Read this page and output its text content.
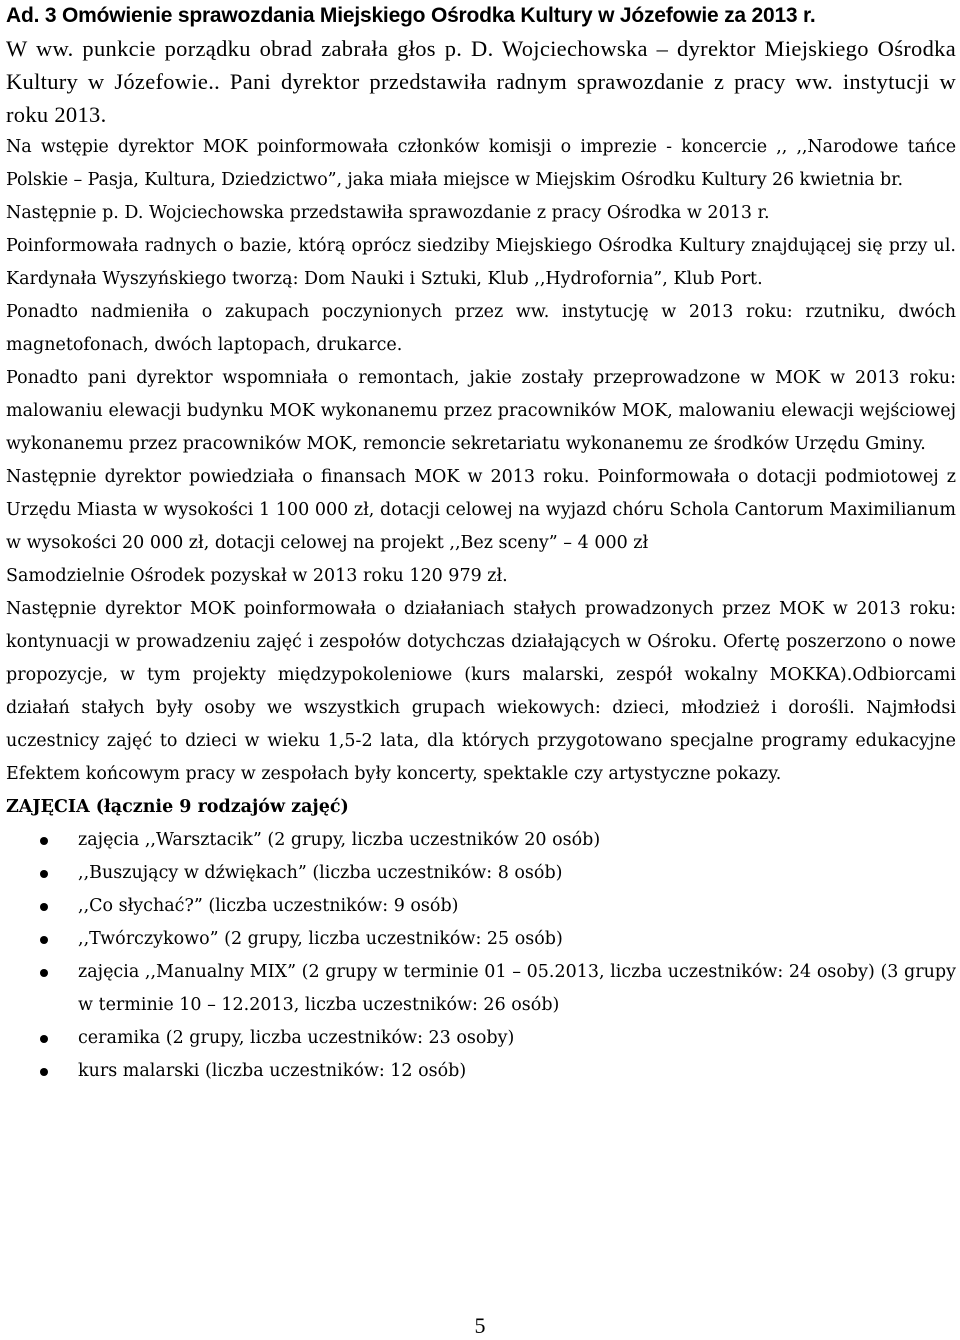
Ad. 3 Omówienie sprawozdania Miejskiego Ośrodka Kultury w Józefowie za 2013 r.

W ww. punkcie porządku obrad zabrała głos p. D. Wojciechowska – dyrektor Miejskiego Ośrodka Kultury w Józefowie.. Pani dyrektor przedstawiła radnym sprawozdanie z pracy ww. instytucji w roku 2013.

Na wstępie dyrektor MOK poinformowała członków komisji o imprezie - koncercie ,, ,,Narodowe tańce Polskie – Pasja, Kultura, Dziedzictwo”, jaka miała miejsce w Miejskim Ośrodku Kultury 26 kwietnia br.

Następnie p. D. Wojciechowska przedstawiła sprawozdanie z pracy Ośrodka w 2013 r.

Poinformowała radnych o bazie, którą oprócz siedziby Miejskiego Ośrodka Kultury znajdującej się przy ul. Kardynała Wyszyńskiego tworzą: Dom Nauki i Sztuki, Klub ,,Hydrofornia”, Klub Port.

Ponadto nadmieniła o zakupach poczynionych przez ww. instytucję w 2013 roku: rzutniku, dwóch magnetofonach, dwóch laptopach, drukarce.

Ponadto pani dyrektor wspomniała o remontach, jakie zostały przeprowadzone w MOK w 2013 roku: malowaniu elewacji budynku MOK wykonanemu przez pracowników MOK, malowaniu elewacji wejściowej wykonanemu przez pracowników MOK, remoncie sekretariatu wykonanemu ze środków Urzędu Gminy.

Następnie dyrektor powiedziała o finansach MOK w 2013 roku. Poinformowała o dotacji podmiotowej z Urzędu Miasta w wysokości 1 100 000 zł, dotacji celowej na wyjazd chóru Schola Cantorum Maximilianum w wysokości 20 000 zł, dotacji celowej na projekt ,,Bez sceny” – 4 000 zł

Samodzielnie Ośrodek pozyskał w 2013 roku 120 979 zł.

Następnie dyrektor MOK poinformowała o działaniach stałych prowadzonych przez MOK w 2013 roku: kontynuacji w prowadzeniu zajęć i zespołów dotychczas działających w Ośroku. Ofertę poszerzono o nowe propozycje, w tym projekty międzypokoleniowe (kurs malarski, zespół wokalny MOKKA).Odbiorcami działań stałych były osoby we wszystkich grupach wiekowych: dzieci, młodzież i dorośli. Najmłodsi uczestnicy zajęć to dzieci w wieku 1,5-2 lata, dla których przygotowano specjalne programy edukacyjne Efektem końcowym pracy w zespołach były koncerty, spektakle czy artystyczne pokazy.

ZAJĘCIA (łącznie 9 rodzajów zajęć)

zajęcia ,,Warsztacik” (2 grupy, liczba uczestników 20 osób)
,,Buszujący w dźwiękach” (liczba uczestników: 8 osób)
,,Co słychać?” (liczba uczestników: 9 osób)
,,Twórczykowo” (2 grupy, liczba uczestników: 25 osób)
zajęcia ,,Manualny MIX” (2 grupy w terminie 01 – 05.2013, liczba uczestników: 24 osoby) (3 grupy w terminie 10 – 12.2013, liczba uczestników: 26 osób)
ceramika (2 grupy, liczba uczestników: 23 osoby)
kurs malarski (liczba uczestników: 12 osób)
5
